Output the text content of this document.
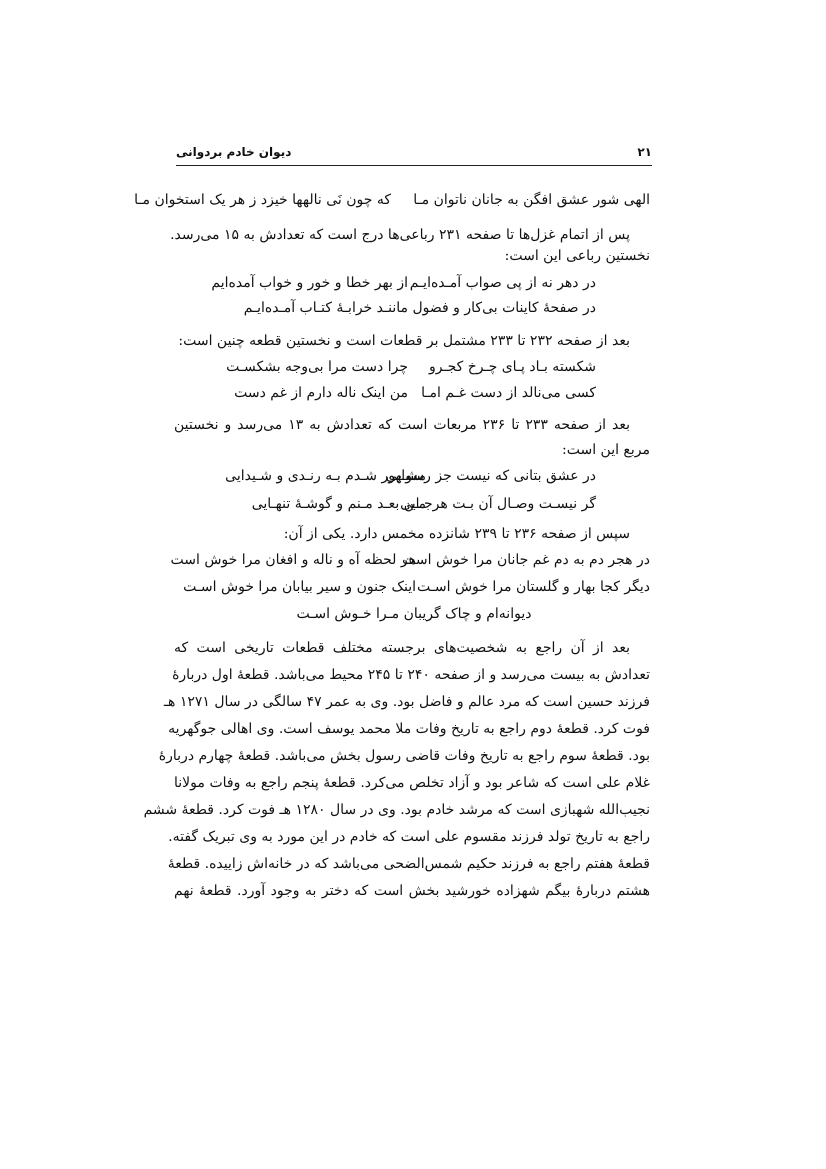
۲۱
دیوان خادم بردوانی
الهی شور عشق افگن به جانان ناتوان مـا
که چون نَی نالهها خیزد ز هر یک استخوان مـا
پس از اتمام غزل‌ها تا صفحه ۲۳۱ رباعی‌ها درج است که تعدادش به ۱۵ می‌رسد.
نخستین رباعی این است:
در دهر نه از پی صواب آمـده‌ایـم
از بهر خطا و خور و خواب آمده‌ایم
در صفحهٔ کاینات بی‌کار و فضول
ماننـد خرابـهٔ کتـاب آمـده‌ایـم
بعد از صفحه ۲۳۲ تا ۲۳۳ مشتمل بر قطعات است و نخستین قطعه چنین است:
شکسته بـاد پـای چـرخ کجـرو
چرا دست مرا بی‌وجه بشکسـت
کسی می‌نالد از دست غـم امـا
من اینک ناله دارم از غم دست
بعد از صفحه ۲۳۳ تا ۲۳۶ مربعات است که تعدادش به ۱۳ می‌رسد و نخستین
مربع این است:
در عشق بتانی که نیست جز رسوایی
مشـهور شـدم بـه رنـدی و شـیدایی
گر نیسـت وصـال آن بـت هرجـایی
مـن بعـد مـنم و گوشـهٔ تنهـایی
سپس از صفحه ۲۳۶ تا ۲۳۹ شانزده مخمس دارد. یکی از آن:
در هجر دم به دم غم جانان مرا خوش است
هر لحظه آه و ناله و افغان مرا خوش است
دیگر کجا بهار و گلستان مرا خوش اسـت
اینک جنون و سیر بیابان مرا خوش اسـت
دیوانه‌ام و چاک گریبان مـرا خـوش اسـت
بعد از آن راجع به شخصیت‌های برجسته مختلف قطعات تاریخی است که
تعدادش به بیست می‌رسد و از صفحه ۲۴۰ تا ۲۴۵ محیط می‌باشد. قطعهٔ اول دربارهٔ
فرزند حسین است که مرد عالم و فاضل بود. وی به عمر ۴۷ سالگی در سال ۱۲۷۱ هـ
فوت کرد. قطعهٔ دوم راجع به تاریخ وفات ملا محمد یوسف است. وی اهالی جوگهریه
بود. قطعهٔ سوم راجع به تاریخ وفات قاضی رسول بخش می‌باشد. قطعهٔ چهارم دربارهٔ
غلام علی است که شاعر بود و آزاد تخلص می‌کرد. قطعهٔ پنجم راجع به وفات مولانا
نجیب‌الله شهبازی است که مرشد خادم بود. وی در سال ۱۲۸۰ هـ فوت کرد. قطعهٔ ششم
راجع به تاریخ تولد فرزند مقسوم علی است که خادم در این مورد به وی تبریک گفته.
قطعهٔ هفتم راجع به فرزند حکیم شمس‌الضحی می‌باشد که در خانه‌اش زاییده. قطعهٔ
هشتم دربارهٔ بیگم شهزاده خورشید بخش است که دختر به وجود آورد. قطعهٔ نهم
